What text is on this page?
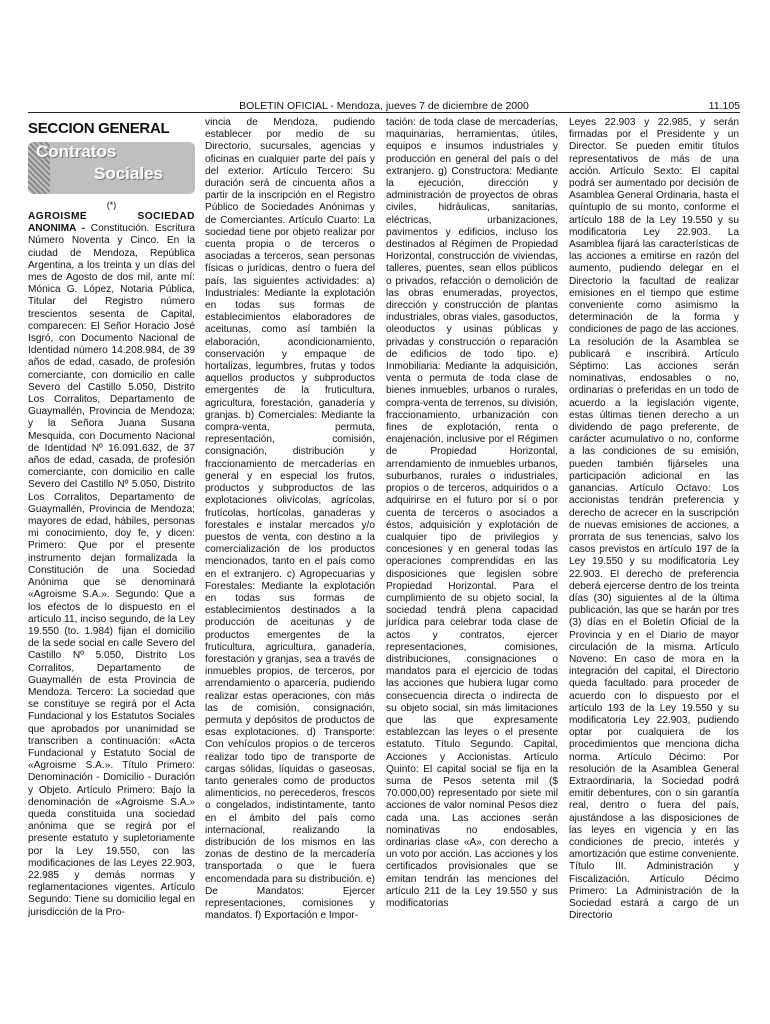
BOLETIN OFICIAL - Mendoza, jueves 7 de diciembre de 2000	11.105
SECCION GENERAL
Contratos
Sociales
(*)
AGROISME	SOCIEDAD

ANONIMA - Constitución. Escritura Número Noventa y Cinco. En la ciudad de Mendoza, República Argentina, a los treinta y un días del mes de Agosto de dos mil, ante mí: Mónica G. López, Notaria Pública, Titular del Registro número trescientos sesenta de Capital, comparecen: El Señor Horacio José Isgró, con Documento Nacional de Identidad número 14.208.984, de 39 años de edad, casado, de profesión comerciante, con domicilio en calle Severo del Castillo 5.050, Distrito Los Corralitos, Departamento de Guaymallén, Provincia de Mendoza; y la Señora Juana Susana Mesquida, con Documento Nacional de Identidad Nº 16.091.632, de 37 años de edad, casada, de profesión comerciante, con domicilio en calle Severo del Castillo Nº 5.050, Distrito Los Corralitos, Departamento de Guaymallén, Provincia de Mendoza; mayores de edad, hábiles, personas mi conocimiento, doy fe, y dicen: Primero: Que por el presente instrumento dejan formalizada la Constitución de una Sociedad Anónima que se denominará «Agroisme S.A.». Segundo: Que a los efectos de lo dispuesto en el artículo 11, inciso segundo, de la Ley 19.550 (to. 1.984) fijan el domicilio de la sede social en calle Severo del Castillo Nº 5.050, Distrito Los Corralitos, Departamento de Guaymallén de esta Provincia de Mendoza. Tercero: La sociedad que se constituye se regirá por el Acta Fundacional y los Estatutos Sociales que aprobados por unanimidad se transcriben a continuación: «Acta Fundacional y Estatuto Social de «Agroisme S.A.». Título Primero: Denominación - Domicilio - Duración y Objeto. Artículo Primero: Bajo la denominación de «Agroisme S.A.» queda constituida una sociedad anónima que se regirá por el presente estatuto y supletoriamente por la Ley 19.550, con las modificaciones de las Leyes 22.903, 22.985 y demás normas y reglamentaciones vigentes. Artículo Segundo: Tiene su domicilio legal en jurisdicción de la Pro-

vincia de Mendoza, pudiendo establecer por medio de su Directorio, sucursales, agencias y oficinas en cualquier parte del país y del exterior. Artículo Tercero: Su duración será de cincuenta años a partir de la inscripción en el Registro Público de Sociedades Anónimas y de Comerciantes. Artículo Cuarto: La sociedad tiene por objeto realizar por cuenta propia o de terceros o asociadas a terceros, sean personas físicas o jurídicas, dentro o fuera del país, las siguientes actividades: a) Industriales: Mediante la explotación en todas sus formas de establecimientos elaboradores de aceitunas, como así también la elaboración, acondicionamiento, conservación y empaque de hortalizas, legumbres, frutas y todos aquellos productos y subproductos emergentes de la fruticultura, agricultura, forestación, ganadería y granjas. b) Comerciales: Mediante la compra-venta, permuta, representación, comisión, consignación, distribución y fraccionamiento de mercaderías en general y en especial los frutos, productos y subproductos de las explotaciones olivícolas, agrícolas, frutícolas, hortícolas, ganaderas y forestales e instalar mercados y/o puestos de venta, con destino a la comercialización de los productos mencionados, tanto en el país como en el extranjero. c) Agropecuarias y Forestales: Mediante la explotación en todas sus formas de establecimientos destinados a la producción de aceitunas y de productos emergentes de la fruticultura, agricultura, ganadería, forestación y granjas, sea a través de inmuebles propios, de terceros, por arrendamiento o aparcería, pudiendo realizar estas operaciones, con más las de comisión, consignación, permuta y depósitos de productos de esas explotaciones. d) Transporte: Con vehículos propios o de terceros realizar todo tipo de transporte de cargas sólidas, líquidas o gaseosas, tanto generales como de productos alimenticios, no perecederos, frescos o congelados, indistintamente, tanto en el ámbito del país como internacional, realizando la distribución de los mismos en las zonas de destino de la mercadería transportada o que le fuera encomendada para su distribución. e) De Mandatos: Ejercer representaciones, comisiones y mandatos. f) Exportación e Impor-

tación: de toda clase de mercaderías, maquinarias, herramientas, útiles, equipos e insumos industriales y producción en general del país o del extranjero. g) Constructora: Mediante la ejecución, dirección y administración de proyectos de obras civiles, hidráulicas, sanitarias, eléctricas, urbanizaciones, pavimentos y edificios, incluso los destinados al Régimen de Propiedad Horizontal, construcción de viviendas, talleres, puentes, sean ellos públicos o privados, refacción o demolición de las obras enumeradas, proyectos, dirección y construcción de plantas industriales, obras viales, gasoductos, oleoductos y usinas públicas y privadas y construcción o reparación de edificios de todo tipo. e) Inmobiliaria: Mediante la adquisición, venta o permuta de toda clase de bienes inmuebles, urbanos o rurales, compra-venta de terrenos, su división, fraccionamiento, urbanización con fines de explotación, renta o enajenación, inclusive por el Régimen de Propiedad Horizontal, arrendamiento de inmuebles urbanos, suburbanos, rurales o industriales, propios o de terceros, adquiridos o a adquirirse en el futuro por sí o por cuenta de terceros o asociados a éstos, adquisición y explotación de cualquier tipo de privilegios y concesiones y en general todas las operaciones comprendidas en las disposiciones que legislen sobre Propiedad Horizontal. Para el cumplimiento de su objeto social, la sociedad tendrá plena capacidad jurídica para celebrar toda clase de actos y contratos, ejercer representaciones, comisiones, distribuciones, consignaciones o mandatos para el ejercicio de todas las acciones que hubiera lugar como consecuencia directa o indirecta de su objeto social, sin más limitaciones que las que expresamente establezcan las leyes o el presente estatuto. Título Segundo. Capital, Acciones y Accionistas. Artículo Quinto: El capital social se fija en la suma de Pesos setenta mil ($ 70.000,00) representado por siete mil acciones de valor nominal Pesos diez cada una. Las acciones serán nominativas no endosables, ordinarias clase «A», con derecho a un voto por acción. Las acciones y los certificados provisionales que se emitan tendrán las menciones del artículo 211 de la Ley 19.550 y sus modificatorias

Leyes 22.903 y 22.985, y serán firmadas por el Presidente y un Director. Se pueden emitir títulos representativos de más de una acción. Artículo Sexto: El capital podrá ser aumentado por decisión de Asamblea General Ordinaria, hasta el quíntuplo de su monto, conforme el artículo 188 de la Ley 19.550 y su modificatoria Ley 22.903. La Asamblea fijará las características de las acciones a emitirse en razón del aumento, pudiendo delegar en el Directorio la facultad de realizar emisiones en el tiempo que estime conveniente como asimismo la determinación de la forma y condiciones de pago de las acciones. La resolución de la Asamblea se publicará e inscribirá. Artículo Séptimo: Las acciones serán nominativas, endosables o no, ordinarias o preferidas en un todo de acuerdo a la legislación vigente, estas últimas tienen derecho a un dividendo de pago preferente, de carácter acumulativo o no, conforme a las condiciones de su emisión, pueden también fijárseles una participación adicional en las ganancias. Artículo Octavo: Los accionistas tendrán preferencia y derecho de acrecer en la suscripción de nuevas emisiones de acciones, a prorrata de sus tenencias, salvo los casos previstos en artículo 197 de la Ley 19.550 y su modificatoria Ley 22.903. El derecho de preferencia deberá ejercerse dentro de los treinta días (30) siguientes al de la última publicación, las que se harán por tres (3) días en el Boletín Oficial de la Provincia y en el Diario de mayor circulación de la misma. Artículo Noveno: En caso de mora en la integración del capital, el Directorio queda facultado para proceder de acuerdo con lo dispuesto por el artículo 193 de la Ley 19.550 y su modificatoria Ley 22.903, pudiendo optar por cualquiera de los procedimientos que menciona dicha norma. Artículo Décimo: Por resolución de la Asamblea General Extraordinaria, la Sociedad podrá emitir debentures, con o sin garantía real, dentro o fuera del país, ajustándose a las disposiciones de las leyes en vigencia y en las condiciones de precio, interés y amortización que estime conveniente. Título III. Administración y Fiscalización. Artículo Décimo Primero: La Administración de la Sociedad estará a cargo de un Directorio
